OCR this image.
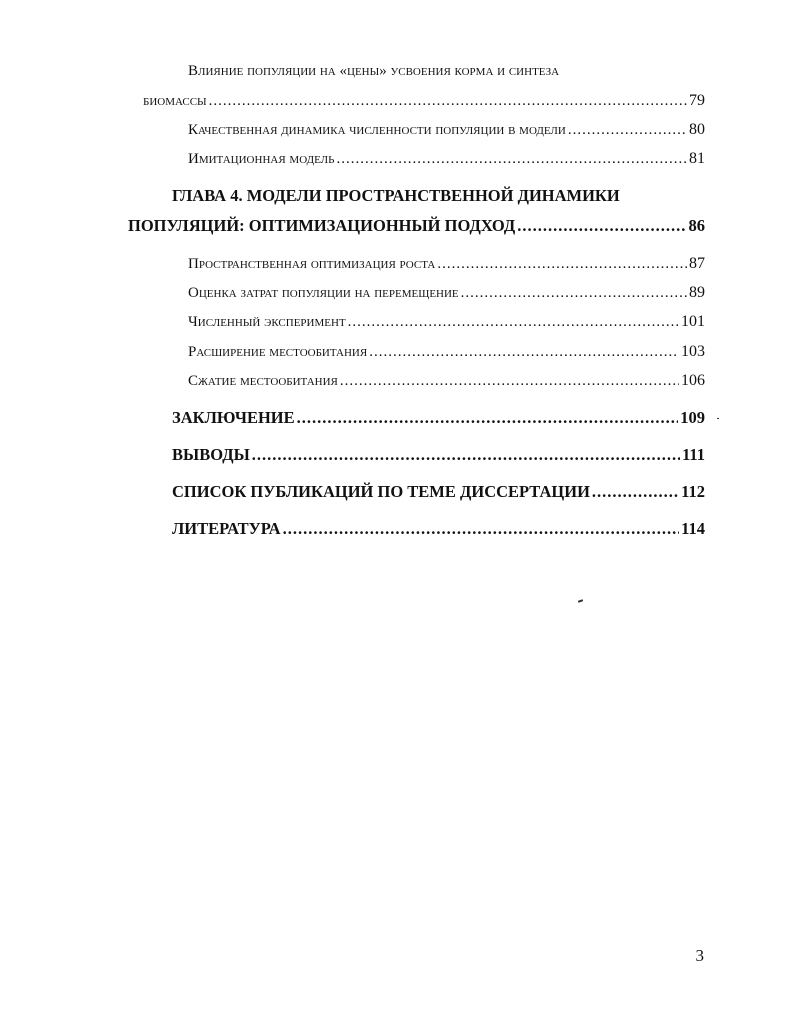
Влияние популяции на «цены» усвоения корма и синтеза
биомассы .....	79
Качественная динамика численности популяции в модели .....	80
Имитационная модель .....	81
ГЛАВА 4. МОДЕЛИ ПРОСТРАНСТВЕННОЙ ДИНАМИКИ
ПОПУЛЯЦИЙ: ОПТИМИЗАЦИОННЫЙ ПОДХОД .....	86
Пространственная оптимизация роста .....	87
Оценка затрат популяции на перемещение .....	89
Численный эксперимент .....	101
Расширение местообитания .....	103
Сжатие местообитания .....	106
ЗАКЛЮЧЕНИЕ .....	109
ВЫВОДЫ .....	111
СПИСОК ПУБЛИКАЦИЙ ПО ТЕМЕ ДИССЕРТАЦИИ .....	112
ЛИТЕРАТУРА .....	114
3
